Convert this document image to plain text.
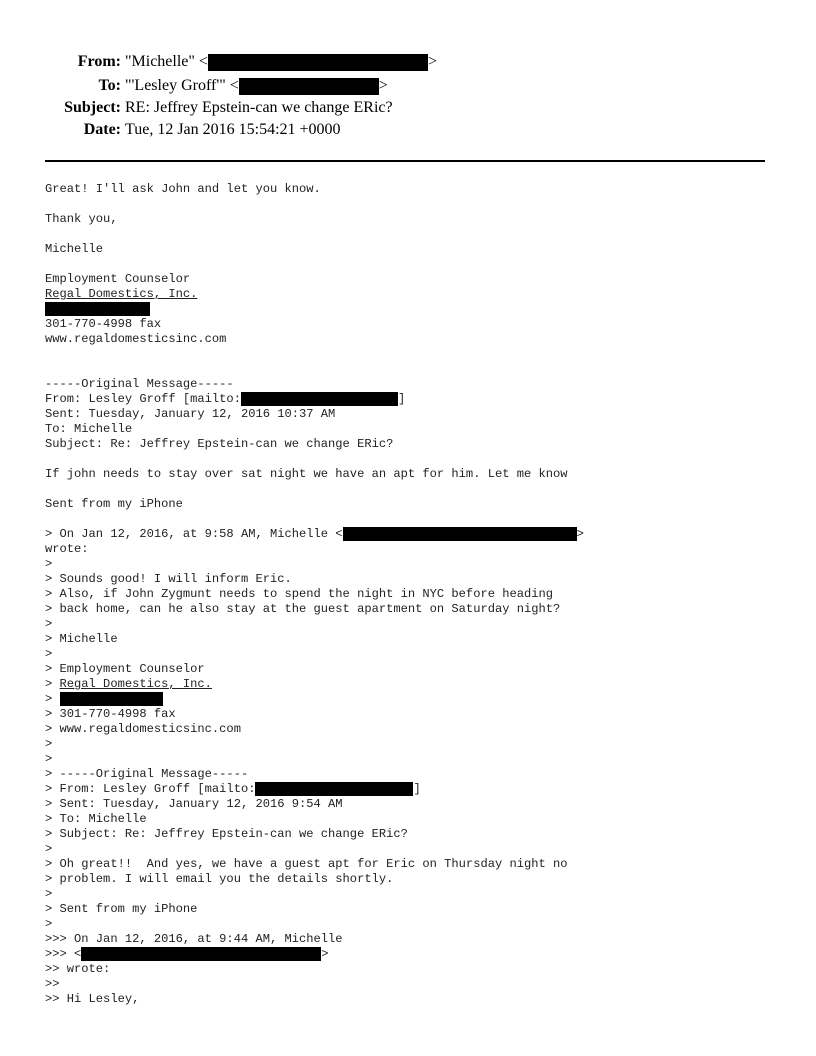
From: "Michelle" <	>
To: "'Lesley Groff'" <	>
Subject: RE: Jeffrey Epstein-can we change ERic?
Date: Tue, 12 Jan 2016 15:54:21 +0000
Great! I'll ask John and let you know.
Thank you,
Michelle
Employment Counselor
Regal Domestics, Inc.
301-770-4998 fax
www.regaldomesticsinc.com
-----Original Message-----
From: Lesley Groff [mailto:	]
Sent: Tuesday, January 12, 2016 10:37 AM
To: Michelle
Subject: Re: Jeffrey Epstein-can we change ERic?
If john needs to stay over sat night we have an apt for him. Let me know
Sent from my iPhone
> On Jan 12, 2016, at 9:58 AM, Michelle <	>
wrote:
>
> Sounds good! I will inform Eric.
> Also, if John Zygmunt needs to spend the night in NYC before heading
> back home, can he also stay at the guest apartment on Saturday night?
>
> Michelle
>
> Employment Counselor
> Regal Domestics, Inc.
>
> 301-770-4998 fax
> www.regaldomesticsinc.com
>
>
> -----Original Message-----
> From: Lesley Groff [mailto:	]
> Sent: Tuesday, January 12, 2016 9:54 AM
> To: Michelle
> Subject: Re: Jeffrey Epstein-can we change ERic?
>
> Oh great!!  And yes, we have a guest apt for Eric on Thursday night no
> problem. I will email you the details shortly.
>
> Sent from my iPhone
>
>>> On Jan 12, 2016, at 9:44 AM, Michelle
>>> <	>
>> wrote:
>>
>> Hi Lesley,
